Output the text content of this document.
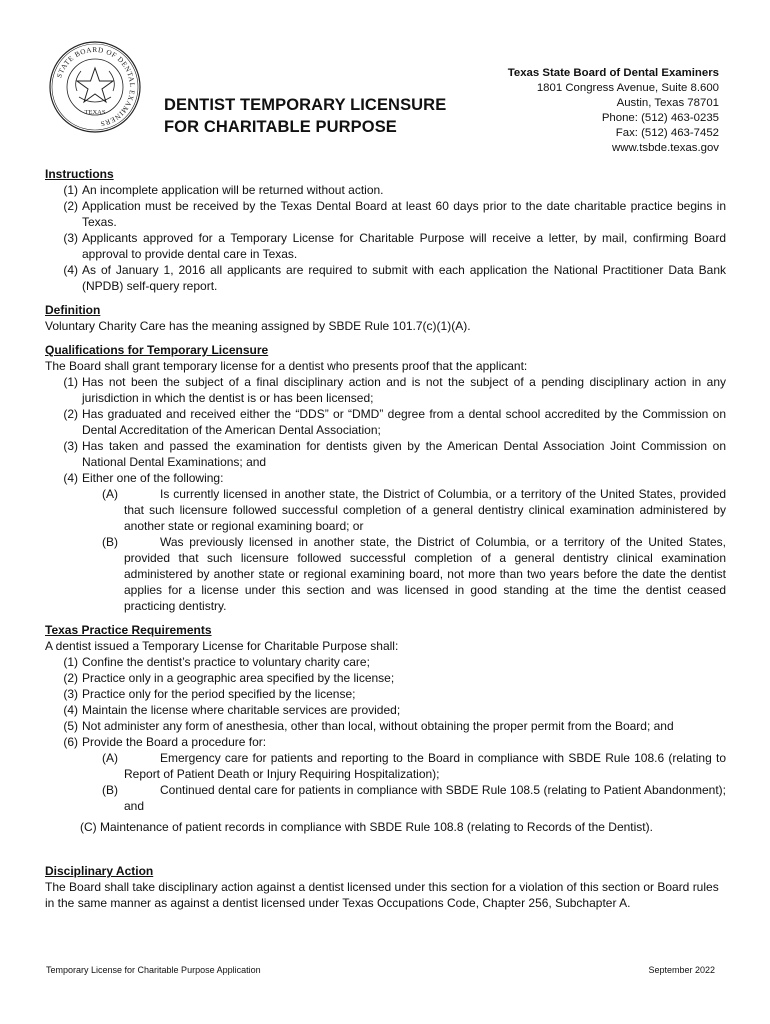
STATE BOARD OF DENTAL EXAMINERS
TEXAS	DENTIST TEMPORARY LICENSURE
FOR CHARITABLE PURPOSE
Texas State Board of Dental Examiners
1801 Congress Avenue, Suite 8.600
Austin, Texas 78701
Phone: (512) 463-0235
Fax: (512) 463-7452
www.tsbde.texas.gov

Instructions

(1) An incomplete application will be returned without action.
(2) Application must be received by the Texas Dental Board at least 60 days prior to the date charitable practice begins in Texas.
(3) Applicants approved for a Temporary License for Charitable Purpose will receive a letter, by mail, confirming Board approval to provide dental care in Texas.
(4) As of January 1, 2016 all applicants are required to submit with each application the National Practitioner Data Bank (NPDB) self-query report.

Definition

Voluntary Charity Care has the meaning assigned by SBDE Rule 101.7(c)(1)(A).

Qualifications for Temporary Licensure

The Board shall grant temporary license for a dentist who presents proof that the applicant:

(1) Has not been the subject of a final disciplinary action and is not the subject of a pending disciplinary action in any jurisdiction in which the dentist is or has been licensed;
(2) Has graduated and received either the “DDS” or “DMD” degree from a dental school accredited by the Commission on Dental Accreditation of the American Dental Association;
(3) Has taken and passed the examination for dentists given by the American Dental Association Joint Commission on National Dental Examinations; and
(4) Either one of the following:
(A)	Is currently licensed in another state, the District of Columbia, or a territory of the United States, provided that such licensure followed successful completion of a general dentistry clinical examination administered by another state or regional examining board; or
(B)	Was previously licensed in another state, the District of Columbia, or a territory of the United States, provided that such licensure followed successful completion of a general dentistry clinical examination administered by another state or regional examining board, not more than two years before the date the dentist applies for a license under this section and was licensed in good standing at the time the dentist ceased practicing dentistry.

Texas Practice Requirements

A dentist issued a Temporary License for Charitable Purpose shall:

(1) Confine the dentist’s practice to voluntary charity care;
(2) Practice only in a geographic area specified by the license;
(3) Practice only for the period specified by the license;
(4) Maintain the license where charitable services are provided;
(5) Not administer any form of anesthesia, other than local, without obtaining the proper permit from the Board; and
(6) Provide the Board a procedure for:
(A)	Emergency care for patients and reporting to the Board in compliance with SBDE Rule 108.6 (relating to Report of Patient Death or Injury Requiring Hospitalization);
(B)	Continued dental care for patients in compliance with SBDE Rule 108.5 (relating to Patient Abandonment); and
(C) Maintenance of patient records in compliance with SBDE Rule 108.8 (relating to Records of the Dentist).

Disciplinary Action

The Board shall take disciplinary action against a dentist licensed under this section for a violation of this section or Board rules in the same manner as against a dentist licensed under Texas Occupations Code, Chapter 256, Subchapter A.

Temporary License for Charitable Purpose Application	September 2022
